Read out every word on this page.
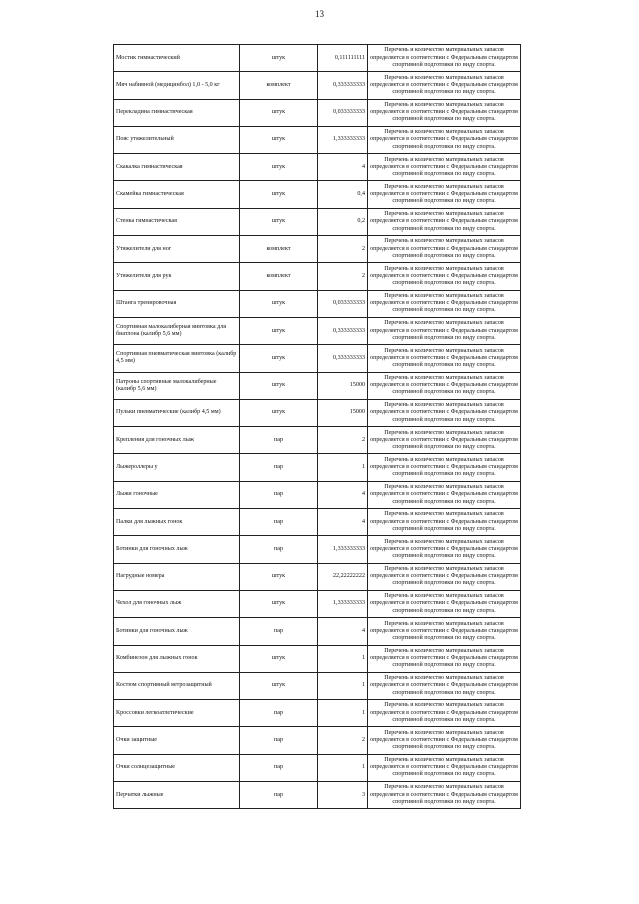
13
Мостик гимнастический	штук	0,111111111	Перечень и количество материальных запасов определяется в соответствии с Федеральным стандартом спортивной подготовки по виду спорта.
Мяч набивной (медицинбол) 1,0 - 5,0 кг	комплект	0,333333333	Перечень и количество материальных запасов определяется в соответствии с Федеральным стандартом спортивной подготовки по виду спорта.
Перекладина гимнастическая	штук	0,033333333	Перечень и количество материальных запасов определяется в соответствии с Федеральным стандартом спортивной подготовки по виду спорта.
Пояс утяжелительный	штук	1,333333333	Перечень и количество материальных запасов определяется в соответствии с Федеральным стандартом спортивной подготовки по виду спорта.
Скакалка гимнастическая	штук	4	Перечень и количество материальных запасов определяется в соответствии с Федеральным стандартом спортивной подготовки по виду спорта.
Скамейка гимнастическая	штук	0,4	Перечень и количество материальных запасов определяется в соответствии с Федеральным стандартом спортивной подготовки по виду спорта.
Стенка гимнастическая	штук	0,2	Перечень и количество материальных запасов определяется в соответствии с Федеральным стандартом спортивной подготовки по виду спорта.
Утяжелители для ног	комплект	2	Перечень и количество материальных запасов определяется в соответствии с Федеральным стандартом спортивной подготовки по виду спорта.
Утяжелители для рук	комплект	2	Перечень и количество материальных запасов определяется в соответствии с Федеральным стандартом спортивной подготовки по виду спорта.
Штанга тренировочная	штук	0,033333333	Перечень и количество материальных запасов определяется в соответствии с Федеральным стандартом спортивной подготовки по виду спорта.
Спортивная малокалиберная винтовка для биатлона (калибр 5,6 мм)	штук	0,333333333	Перечень и количество материальных запасов определяется в соответствии с Федеральным стандартом спортивной подготовки по виду спорта.
Спортивная пневматическая винтовка (калибр 4,5 мм)	штук	0,333333333	Перечень и количество материальных запасов определяется в соответствии с Федеральным стандартом спортивной подготовки по виду спорта.
Патроны спортивные малокалиберные (калибр 5,6 мм)	штук	15000	Перечень и количество материальных запасов определяется в соответствии с Федеральным стандартом спортивной подготовки по виду спорта.
Пульки пневматические (калибр 4,5 мм)	штук	15000	Перечень и количество материальных запасов определяется в соответствии с Федеральным стандартом спортивной подготовки по виду спорта.
Крепления для гоночных лыж	пар	2	Перечень и количество материальных запасов определяется в соответствии с Федеральным стандартом спортивной подготовки по виду спорта.
Лыжероллеры у	пар	1	Перечень и количество материальных запасов определяется в соответствии с Федеральным стандартом спортивной подготовки по виду спорта.
Лыжи гоночные	пар	4	Перечень и количество материальных запасов определяется в соответствии с Федеральным стандартом спортивной подготовки по виду спорта.
Палки для лыжных гонок	пар	4	Перечень и количество материальных запасов определяется в соответствии с Федеральным стандартом спортивной подготовки по виду спорта.
Ботинки для гоночных лыж	пар	1,333333333	Перечень и количество материальных запасов определяется в соответствии с Федеральным стандартом спортивной подготовки по виду спорта.
Нагрудные номера	штук	22,22222222	Перечень и количество материальных запасов определяется в соответствии с Федеральным стандартом спортивной подготовки по виду спорта.
Чехол для гоночных лыж	штук	1,333333333	Перечень и количество материальных запасов определяется в соответствии с Федеральным стандартом спортивной подготовки по виду спорта.
Ботинки для гоночных лыж	пар	4	Перечень и количество материальных запасов определяется в соответствии с Федеральным стандартом спортивной подготовки по виду спорта.
Комбинезон для лыжных гонок	штук	1	Перечень и количество материальных запасов определяется в соответствии с Федеральным стандартом спортивной подготовки по виду спорта.
Костюм спортивный ветрозащитный	штук	1	Перечень и количество материальных запасов определяется в соответствии с Федеральным стандартом спортивной подготовки по виду спорта.
Кроссовки легкоатлетические	пар	1	Перечень и количество материальных запасов определяется в соответствии с Федеральным стандартом спортивной подготовки по виду спорта.
Очки защитные	пар	2	Перечень и количество материальных запасов определяется в соответствии с Федеральным стандартом спортивной подготовки по виду спорта.
Очки солнцезащитные	пар	1	Перечень и количество материальных запасов определяется в соответствии с Федеральным стандартом спортивной подготовки по виду спорта.
Перчатки лыжные	пар	3	Перечень и количество материальных запасов определяется в соответствии с Федеральным стандартом спортивной подготовки по виду спорта.
